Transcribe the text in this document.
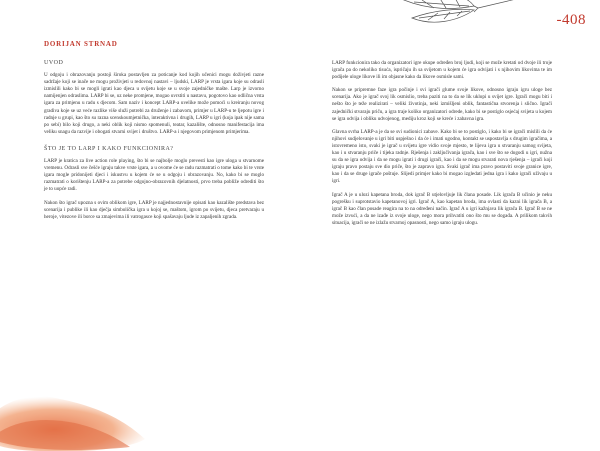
-408
DORIJAN STRNAD
UVOD

U odgoju i obrazovanju postoji široka postavljen za poticanje kod kojih učenici mogu doživjeti razne sadržaje koji se inače ne mogu proživjeti u redovnoj nastavi – ljudski, LARP je vrsta igara koje su odrasli izmislili kako bi se mogli igrati kao djeca u svijetu koje se u svoje zajedničke mašte. Larp je izvorno namijenjen odraslima. LARP bi se, uz neke promjene, mogao uvrstiti u nastavu, pogotovo kao odlična vrsta igara za primjenu u radu s djecom. Sam naziv i koncept LARP-a uvelike može pomoći u kreiranju novog gradiva koje se uz veće razlike više služi potrebi za druženje i zabavom, primjer u LARP-u te ljepotu igre i radnje u grupi, kao što su razna scenskoumjetnička, interaktivna i drugih, LARP u igri (koja ipak nije sama po sebi) bilo koji drugo, a neki oblik koji nismo spomenuli, teatar, kazalište, odnosno manifestacija ima veliku snagu da razvije i obogati stvarni svijet i društvo. LARP-a i njegovom primjenom primjerima.

ŠTO JE TO LARP I KAKO FUNKCIONIRA?

LARP je kratica za live action role playing, što bi se najbolje moglo prevesti kao igre uloga u stvarnome vremenu. Odrasli sve češće igraju takve vrste igara, a u ovome će se radu razmatrati o tome kako bi te vrste igara mogle pridonijeti djeci i iskustvu u kojem će se u odgoju i obrazovanju. No, kako bi se moglo razmatrati o korištenju LARP-a za potrebe odgojno-obrazovnih djelatnosti, prvo treba pobliže odrediti što je to uopće radi.

Nakon što igrač upozna s ovim oblikom igre, LARP je najjednostavnije opisati kao kazalište predstava bez scenarija i publike ili kao dječja simbolička igra u kojoj se, maštom, igrom po svijetu, djeca pretvaraju u heroje, vitezove ili borce sa zmajevima ili vatrogasce koji spašavaju ljude iz zapaljenih zgrada.

LARP funkcionira tako da organizatori igre okupe određen broj ljudi, koji se može kretati od dvoje ili troje igrača pa do nekoliko tisuća, ispričaju ih sa svijetom u kojem će igra odvijati i s njihovim likovima te im podijele uloge likove ili im objasne kako da likove osmisle sami.

Nakon se pripremne faze igra počinje i svi igrači glume svoje likove, odnosno igraju igru uloge bez scenarija. Ako je igrač svoj lik osmislio, treba paziti na to da se lik uklopi u svijet igre. Igrači mogu biti i nešto što je teže realizirati – veliki životinja, neki izmišljeni oblik, fantastična stvorenja i slično. Igrači zajednički stvaraju priču, a igra traje koliko organizatori odrede, kako bi se postiglo osjećaj svijeta u kojem se igra odvija i obliku udvojenog, mediju kroz koji se kreće i zabavna igra.

Glavna svrha LARP-a je da se svi sudionici zabave. Kako bi se to postiglo, i kako bi se igrači mislili da će njihovi sudjelovanje u igri biti uspješno i da će i imati ugodno, kontakt se uspostavlja s drugim igračima, a istovremeno isto, svaki je igrač u svijetu igre vidio svoje mjesto, te lijeva igra u stvaranju samog svijeta, kao i u stvaranju priče i tijeka radnje. Rješenja i zaključivanja igrača, kao i sve što se dogodi u igri, nužna su da se igra odvija i da se mogu igrati i drugi igrači, kao i da se mogu stvarati nova rješenja – igrači koji igraju pravo postaju sve dio priče, što je zapravo igra. Svaki igrač ima pravo postaviti svoje granice igre, kao i da se druge igrače poštuje. Slijedi primjer kako bi mogao izgledati jedna igra i kako igrači uživaju u igri.

Igrač A je u ulozi kapetana broda, dok igrač B utjelovljuje lik člana posade. Lik igrača B učinio je neku pogrešku i suprotstavio kapetanovoj igri. Igrač A, kao kapetan broda, ima ovlasti da kazni lik igrača B, a igrač B kao član posade reagira na to na određeni način. Igrač A u igri kažnjava lik igrača B. Igrač B se ne može izvući, a da ne izađe iz svoje uloge, nego mora prihvatiti ono što mu se događa. A prilikom takvih situacija, igrači se ne izlažu stvarnoj opasnosti, nego samo igraju ulogu.
